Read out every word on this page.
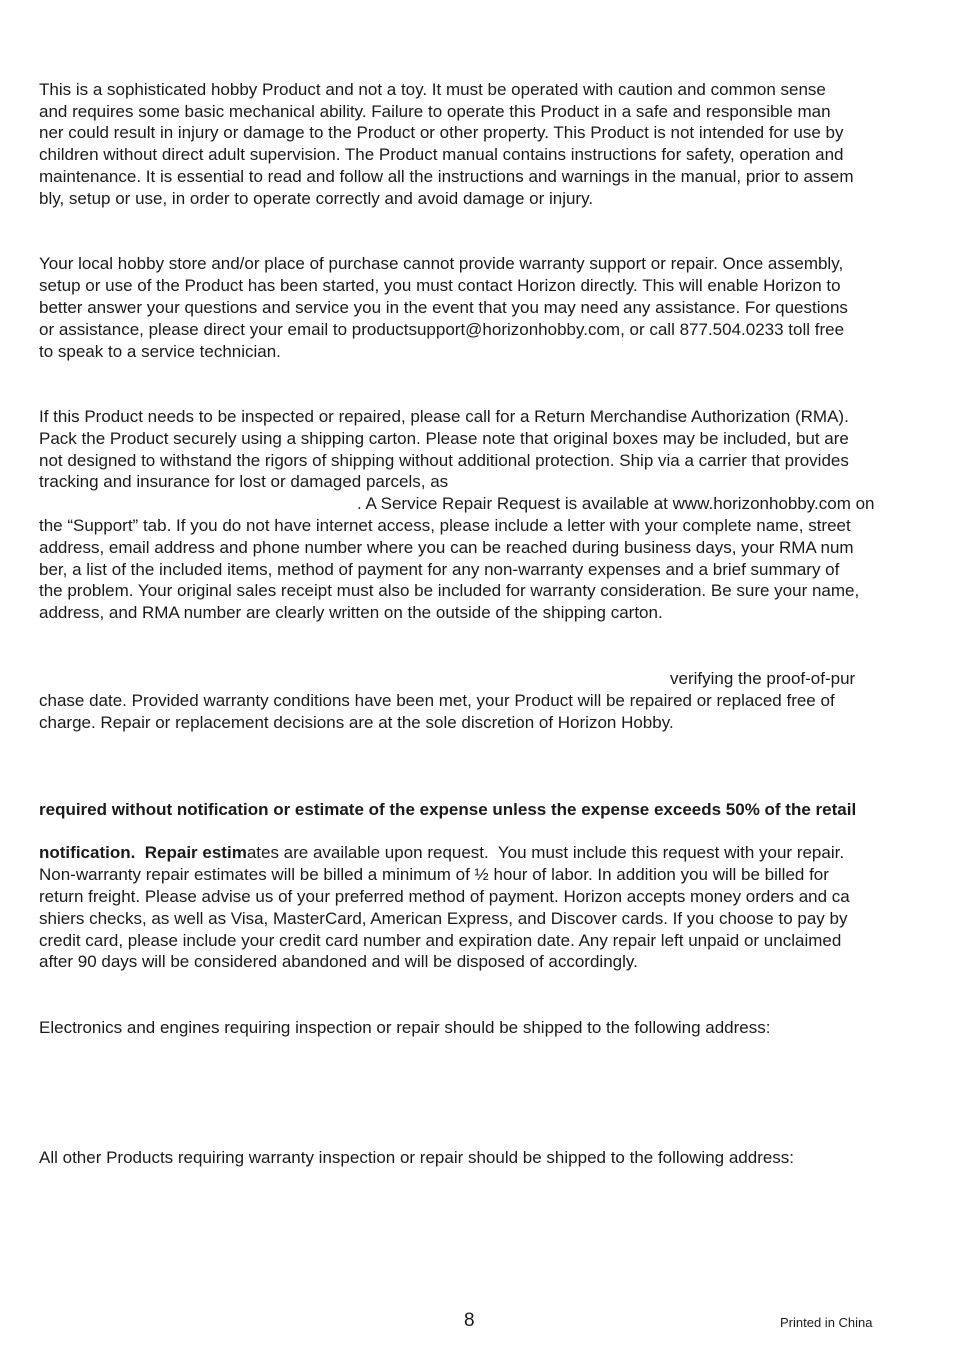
This is a sophisticated hobby Product and not a toy. It must be operated with caution and common sense
and requires some basic mechanical ability. Failure to operate this Product in a safe and responsible man
ner could result in injury or damage to the Product or other property. This Product is not intended for use by
children without direct adult supervision. The Product manual contains instructions for safety, operation and
maintenance. It is essential to read and follow all the instructions and warnings in the manual, prior to assem
bly, setup or use, in order to operate correctly and avoid damage or injury.
Your local hobby store and/or place of purchase cannot provide warranty support or repair. Once assembly,
setup or use of the Product has been started, you must contact Horizon directly. This will enable Horizon to
better answer your questions and service you in the event that you may need any assistance. For questions
or assistance, please direct your email to productsupport@horizonhobby.com, or call 877.504.0233 toll free
to speak to a service technician.
If this Product needs to be inspected or repaired, please call for a Return Merchandise Authorization (RMA).
Pack the Product securely using a shipping carton. Please note that original boxes may be included, but are
not designed to withstand the rigors of shipping without additional protection. Ship via a carrier that provides
tracking and insurance for lost or damaged parcels, as
. A Service Repair Request is available at www.horizonhobby.com on
the “Support” tab. If you do not have internet access, please include a letter with your complete name, street
address, email address and phone number where you can be reached during business days, your RMA num
ber, a list of the included items, method of payment for any non-warranty expenses and a brief summary of
the problem. Your original sales receipt must also be included for warranty consideration. Be sure your name,
address, and RMA number are clearly written on the outside of the shipping carton.
verifying the proof-of-pur
chase date. Provided warranty conditions have been met, your Product will be repaired or replaced free of
charge. Repair or replacement decisions are at the sole discretion of Horizon Hobby.
required without notification or estimate of the expense unless the expense exceeds 50% of the retail
notification.  Repair estimates are available upon request.  You must include this request with your repair.
Non-warranty repair estimates will be billed a minimum of ½ hour of labor. In addition you will be billed for
return freight. Please advise us of your preferred method of payment. Horizon accepts money orders and ca
shiers checks, as well as Visa, MasterCard, American Express, and Discover cards. If you choose to pay by
credit card, please include your credit card number and expiration date. Any repair left unpaid or unclaimed
after 90 days will be considered abandoned and will be disposed of accordingly.
Electronics and engines requiring inspection or repair should be shipped to the following address:
All other Products requiring warranty inspection or repair should be shipped to the following address:
8	Printed in China
